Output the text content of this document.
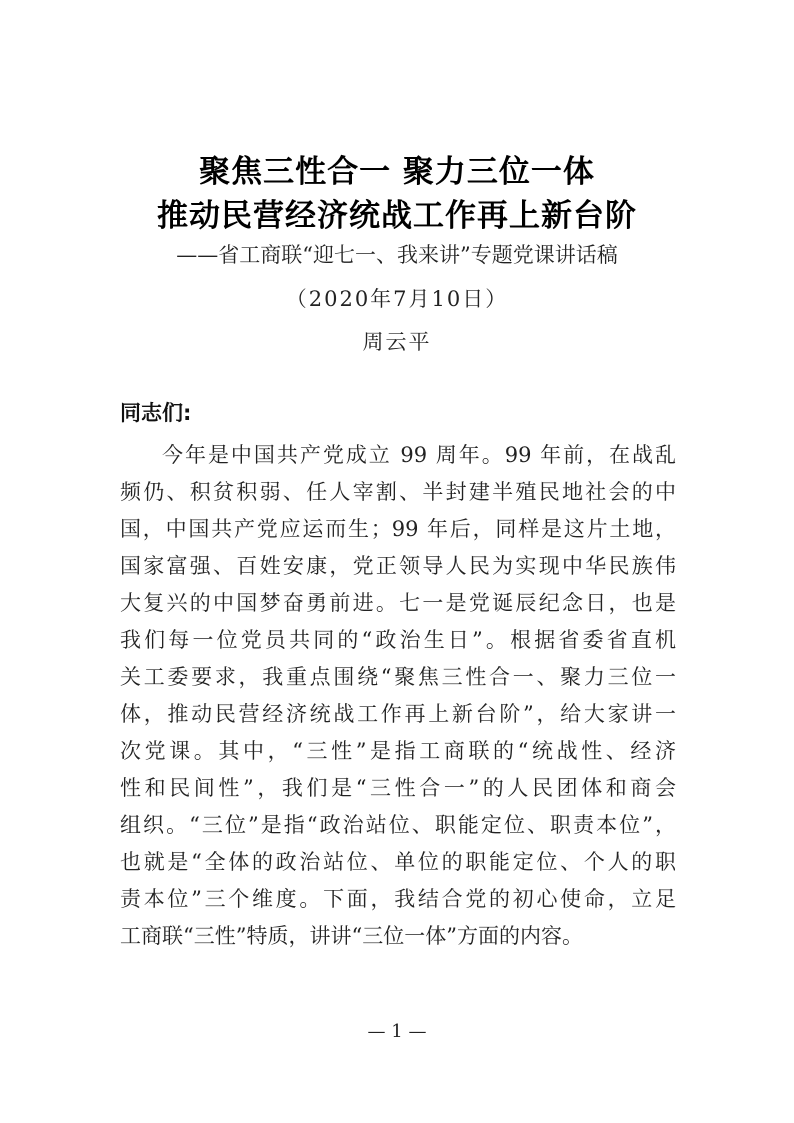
聚焦三性合一 聚力三位一体
推动民营经济统战工作再上新台阶
——省工商联“迎七一、我来讲”专题党课讲话稿
（2020年7月10日）
周云平
同志们:
今年是中国共产党成立 99 周年。99 年前，在战乱
频仍、积贫积弱、任人宰割、半封建半殖民地社会的中
国，中国共产党应运而生；99 年后，同样是这片土地，
国家富强、百姓安康，党正领导人民为实现中华民族伟
大复兴的中国梦奋勇前进。七一是党诞辰纪念日，也是
我们每一位党员共同的“政治生日”。根据省委省直机
关工委要求，我重点围绕“聚焦三性合一、聚力三位一
体，推动民营经济统战工作再上新台阶”，给大家讲一
次党课。其中，“三性”是指工商联的“统战性、经济
性和民间性”，我们是“三性合一”的人民团体和商会
组织。“三位”是指“政治站位、职能定位、职责本位”，
也就是“全体的政治站位、单位的职能定位、个人的职
责本位”三个维度。下面，我结合党的初心使命，立足
工商联“三性”特质，讲讲“三位一体”方面的内容。
— 1 —
